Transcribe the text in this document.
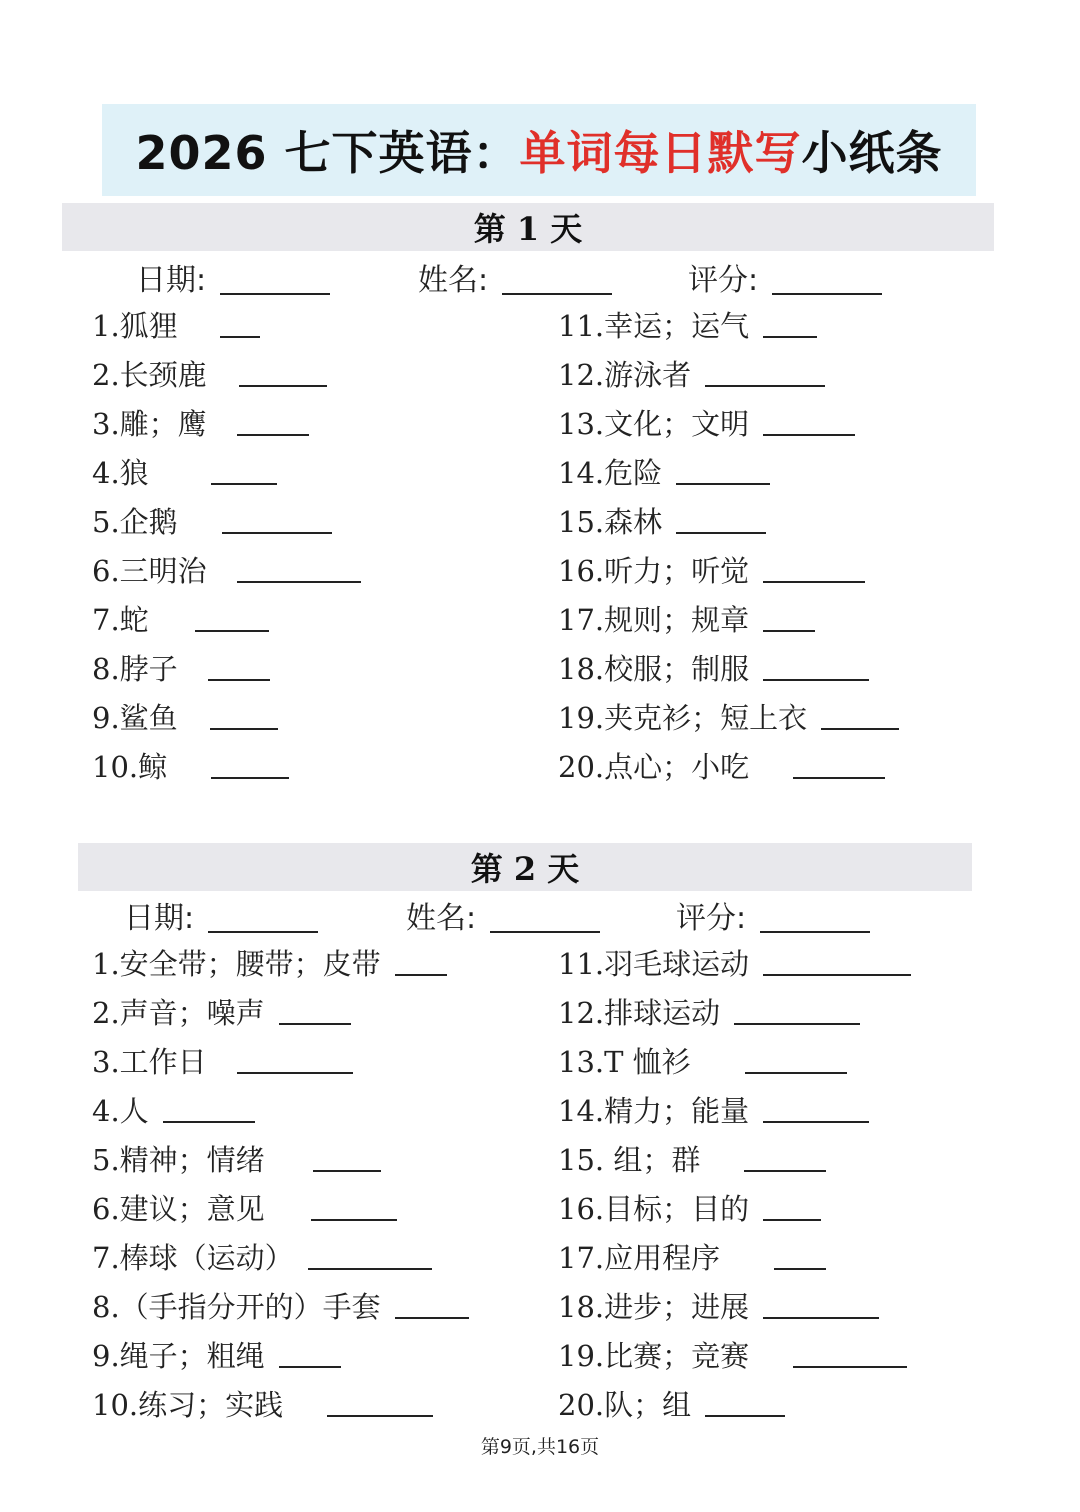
2026 七下英语： 单词每日默写 小纸条
第 1 天
日期:	姓名:	评分:
1.狐狸
2.长颈鹿
3.雕；鹰
4.狼
5.企鹅
6.三明治
7.蛇
8.脖子
9.鲨鱼
10.鲸
11.幸运；运气
12.游泳者
13.文化；文明
14.危险
15.森林
16.听力；听觉
17.规则；规章
18.校服；制服
19.夹克衫；短上衣
20.点心；小吃
第 2 天
日期:	姓名:	评分:
1.安全带；腰带；皮带
2.声音；噪声
3.工作日
4.人
5.精神；情绪
6.建议；意见
7.棒球（运动）
8.（手指分开的）手套
9.绳子；粗绳
10.练习；实践
11.羽毛球运动
12.排球运动
13.T 恤衫
14.精力；能量
15. 组；群
16.目标；目的
17.应用程序
18.进步；进展
19.比赛；竞赛
20.队；组
第9页,共16页
